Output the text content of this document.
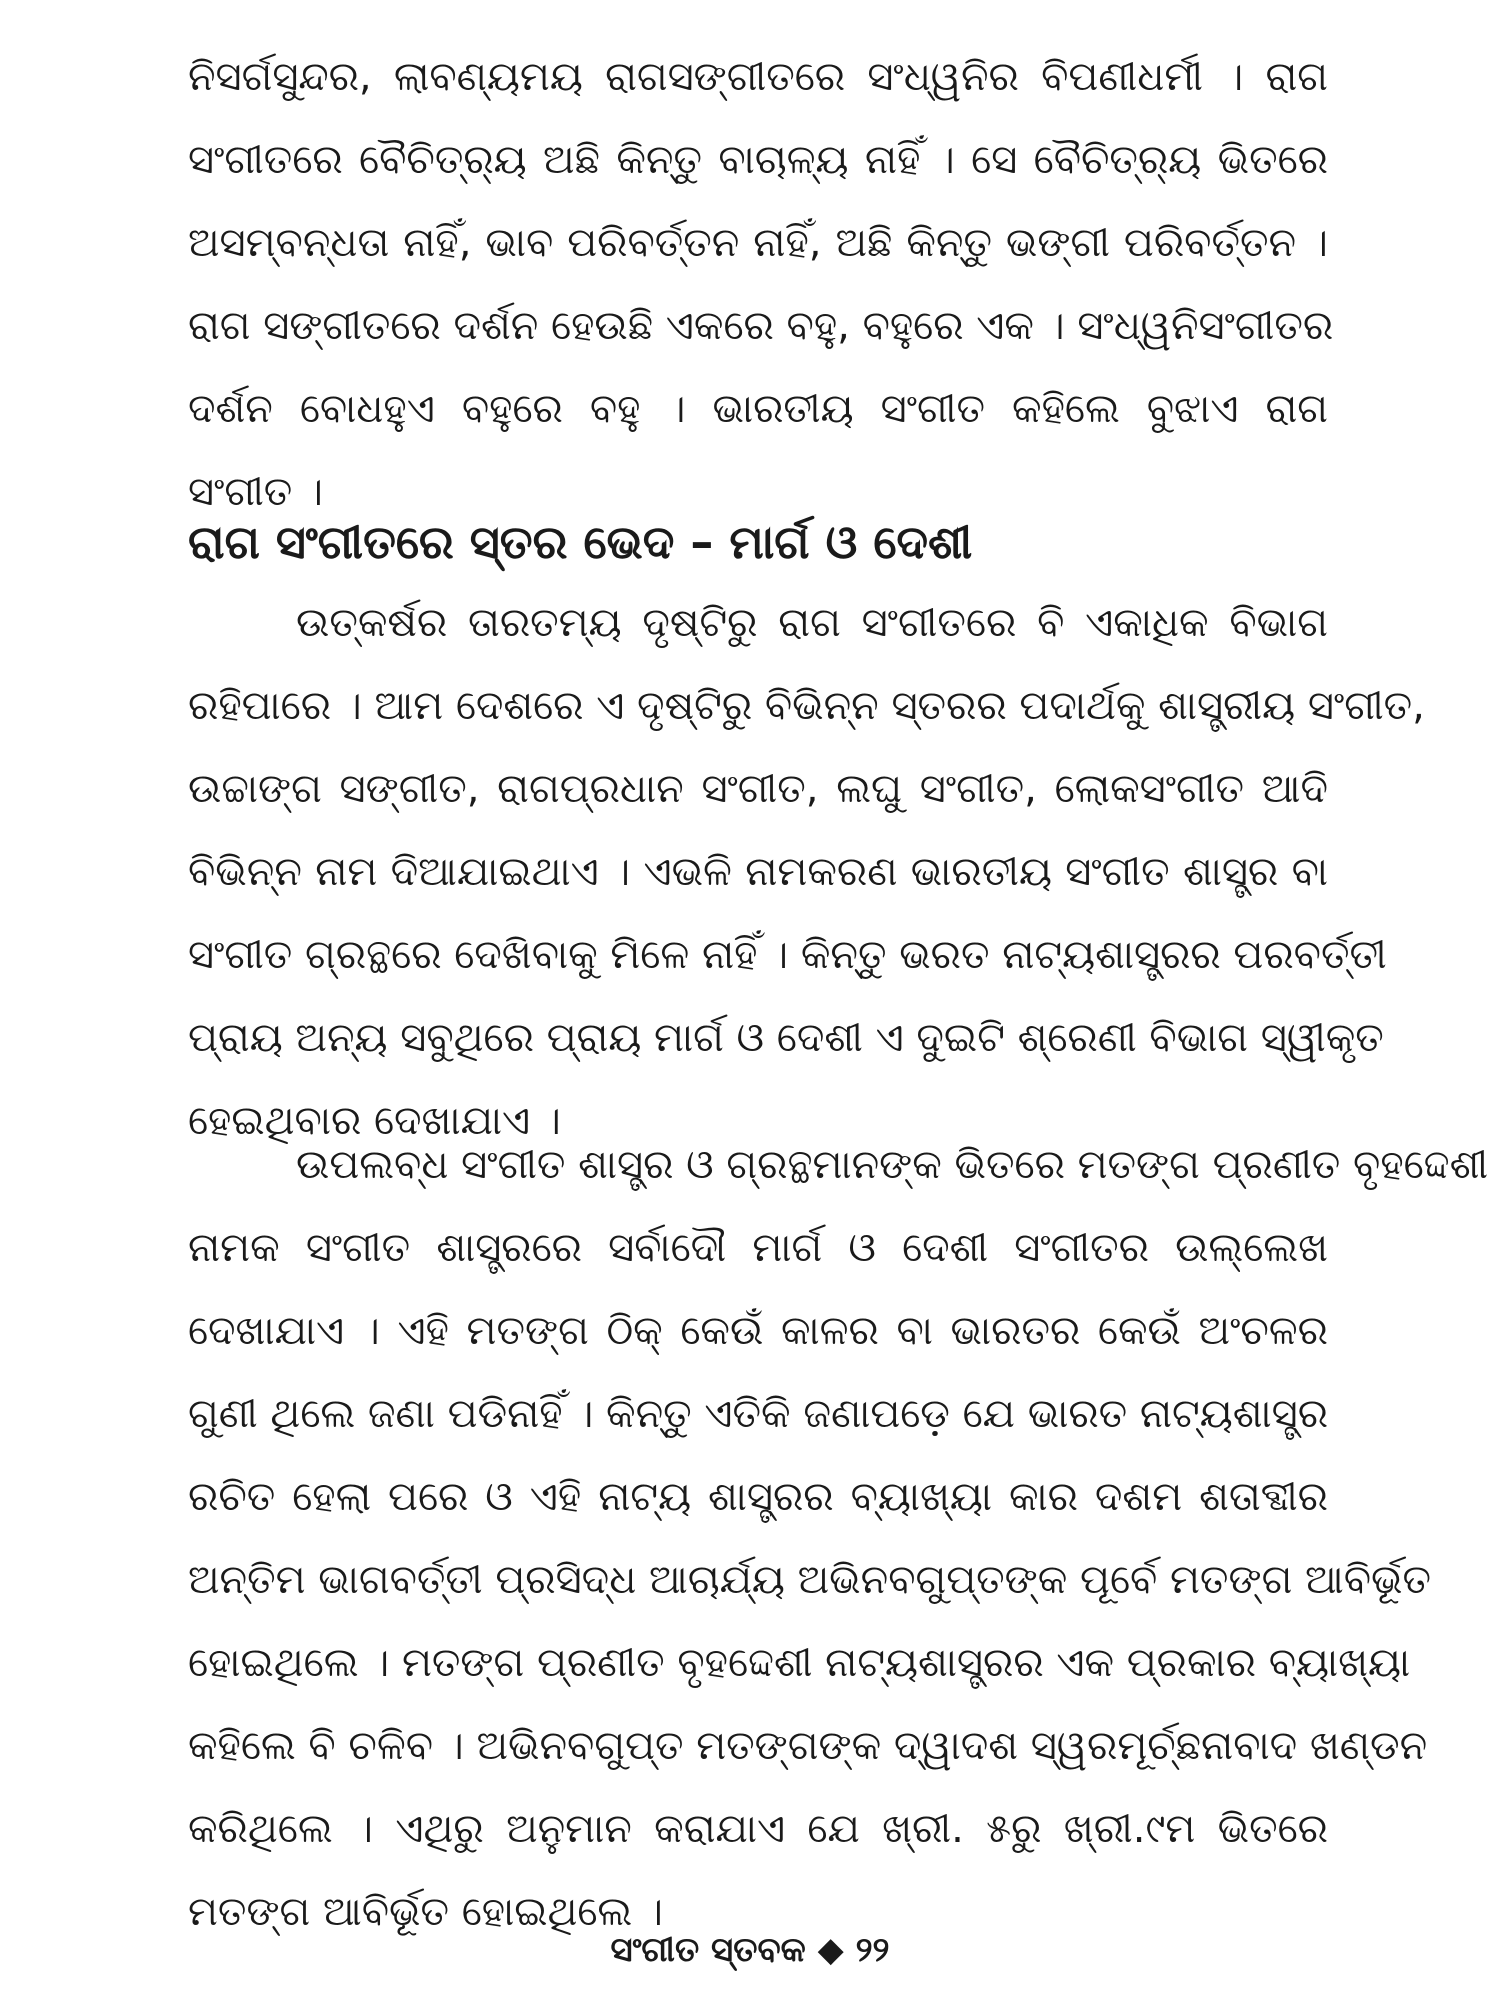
ନିସର୍ଗସୁନ୍ଦର, ଲାବଣ୍ୟମୟ ରାଗସଙ୍ଗୀତରେ ସଂଧ୍ୱନିର ବିପଣୀଧର୍ମୀ । ରାଗ
ସଂଗୀତରେ ବୈଚିତ୍ର୍ୟ ଅଛି କିନ୍ତୁ ବାଚାଳ୍ୟ ନାହିଁ । ସେ ବୈଚିତ୍ର୍ୟ ଭିତରେ
ଅସମ୍ବନ୍ଧତା ନାହିଁ, ଭାବ ପରିବର୍ତ୍ତନ ନାହିଁ, ଅଛି କିନ୍ତୁ ଭଙ୍ଗୀ ପରିବର୍ତ୍ତନ ।
ରାଗ ସଙ୍ଗୀତରେ ଦର୍ଶନ ହେଉଛି ଏକରେ ବହୁ, ବହୁରେ ଏକ । ସଂଧ୍ୱନିସଂଗୀତର
ଦର୍ଶନ ବୋଧହୁଏ ବହୁରେ ବହୁ । ଭାରତୀୟ ସଂଗୀତ କହିଲେ ବୁଝାଏ ରାଗ
ସଂଗୀତ ।
ରାଗ ସଂଗୀତରେ ସ୍ତର ଭେଦ – ମାର୍ଗ ଓ ଦେଶୀ
ଉତ୍କର୍ଷର ତାରତମ୍ୟ ଦୃଷ୍ଟିରୁ ରାଗ ସଂଗୀତରେ ବି ଏକାଧିକ ବିଭାଗ
ରହିପାରେ । ଆମ ଦେଶରେ ଏ ଦୃଷ୍ଟିରୁ ବିଭିନ୍ନ ସ୍ତରର ପଦାର୍ଥକୁ ଶାସ୍ତ୍ରୀୟ ସଂଗୀତ,
ଉଚ୍ଚାଙ୍ଗ ସଙ୍ଗୀତ, ରାଗପ୍ରଧାନ ସଂଗୀତ, ଲଘୁ ସଂଗୀତ, ଲୋକସଂଗୀତ ଆଦି
ବିଭିନ୍ନ ନାମ ଦିଆଯାଇଥାଏ । ଏଭଳି ନାମକରଣ ଭାରତୀୟ ସଂଗୀତ ଶାସ୍ତ୍ର ବା
ସଂଗୀତ ଗ୍ରନ୍ଥରେ ଦେଖିବାକୁ ମିଳେ ନାହିଁ । କିନ୍ତୁ ଭରତ ନାଟ୍ୟଶାସ୍ତ୍ରର ପରବର୍ତ୍ତୀ
ପ୍ରାୟ ଅନ୍ୟ ସବୁଥିରେ ପ୍ରାୟ ମାର୍ଗ ଓ ଦେଶୀ ଏ ଦୁଇଟି ଶ୍ରେଣୀ ବିଭାଗ ସ୍ୱୀକୃତ
ହେଇଥିବାର ଦେଖାଯାଏ ।
ଉପଲବ୍ଧ ସଂଗୀତ ଶାସ୍ତ୍ର ଓ ଗ୍ରନ୍ଥମାନଙ୍କ ଭିତରେ ମତଙ୍ଗ ପ୍ରଣୀତ ବୃହଦ୍ଦେଶୀ
ନାମକ ସଂଗୀତ ଶାସ୍ତ୍ରରେ ସର୍ବାଦୌ ମାର୍ଗ ଓ ଦେଶୀ ସଂଗୀତର ଉଲ୍ଲେଖ
ଦେଖାଯାଏ । ଏହି ମତଙ୍ଗ ଠିକ୍ କେଉଁ କାଳର ବା ଭାରତର କେଉଁ ଅଂଚଳର
ଗୁଣୀ ଥିଲେ ଜଣା ପଡିନାହିଁ । କିନ୍ତୁ ଏତିକି ଜଣାପଡ଼େ ଯେ ଭାରତ ନାଟ୍ୟଶାସ୍ତ୍ର
ରଚିତ ହେଲା ପରେ ଓ ଏହି ନାଟ୍ୟ ଶାସ୍ତ୍ରର ବ୍ୟାଖ୍ୟା କାର ଦଶମ ଶତାବ୍ଦୀର
ଅନ୍ତିମ ଭାଗବର୍ତ୍ତୀ ପ୍ରସିଦ୍ଧ ଆଚାର୍ଯ୍ୟ ଅଭିନବଗୁପ୍ତଙ୍କ ପୂର୍ବେ ମତଙ୍ଗ ଆବିର୍ଭୂତ
ହୋଇଥିଲେ । ମତଙ୍ଗ ପ୍ରଣୀତ ବୃହଦ୍ଦେଶୀ ନାଟ୍ୟଶାସ୍ତ୍ରର ଏକ ପ୍ରକାର ବ୍ୟାଖ୍ୟା
କହିଲେ ବି ଚଳିବ । ଅଭିନବଗୁପ୍ତ ମତଙ୍ଗଙ୍କ ଦ୍ୱାଦଶ ସ୍ୱରମୂର୍ଚ୍ଛନାବାଦ ଖଣ୍ଡନ
କରିଥିଲେ । ଏଥିରୁ ଅନୁମାନ କରାଯାଏ ଯେ ଖ୍ରୀ. ୫ରୁ ଖ୍ରୀ.୯ମ ଭିତରେ
ମତଙ୍ଗ ଆବିର୍ଭୂତ ହୋଇଥିଲେ ।
ସଂଗୀତ ସ୍ତବକ ◆ ୨୨
